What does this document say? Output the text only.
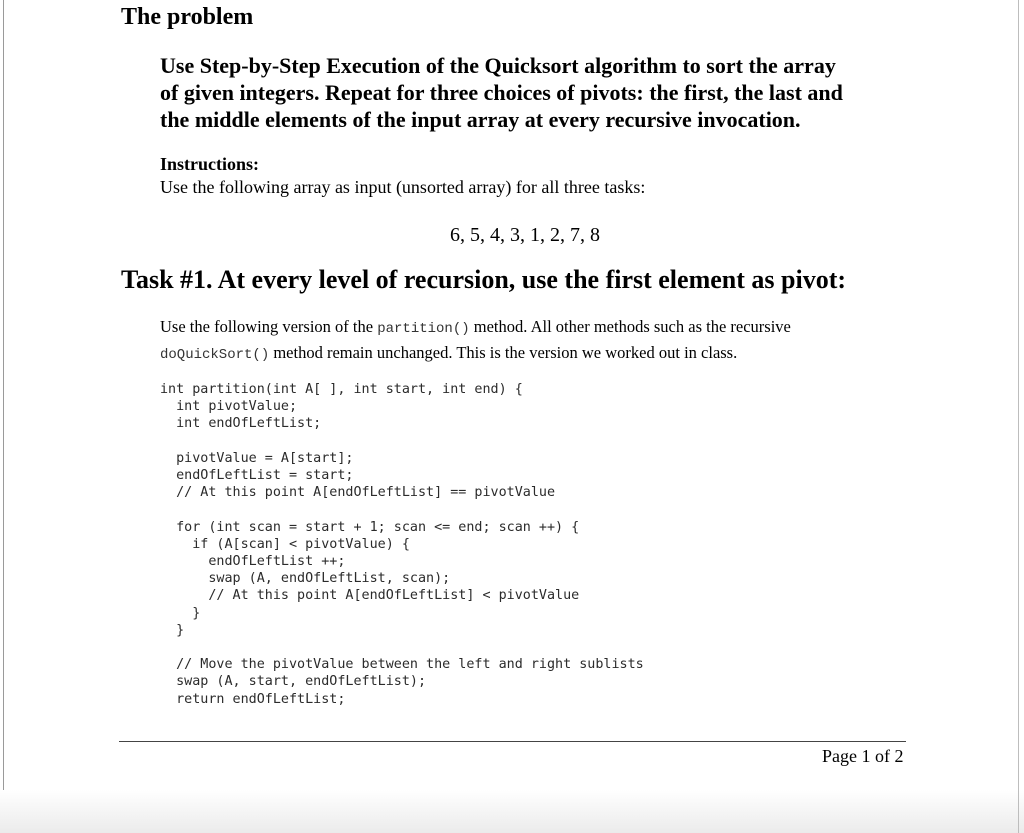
The problem
Use Step-by-Step Execution of the Quicksort algorithm to sort the array
of given integers. Repeat for three choices of pivots: the first, the last and
the middle elements of the input array at every recursive invocation.
Instructions:
Use the following array as input (unsorted array) for all three tasks:
6, 5, 4, 3, 1, 2, 7, 8
Task #1. At every level of recursion, use the first element as pivot:
Use the following version of the partition() method. All other methods such as the recursive
doQuickSort() method remain unchanged. This is the version we worked out in class.
int partition(int A[ ], int start, int end) {
int pivotValue;
int endOfLeftList;

pivotValue = A[start];
endOfLeftList = start;
// At this point A[endOfLeftList] == pivotValue

for (int scan = start + 1; scan <= end; scan ++) {
if (A[scan] < pivotValue) {
endOfLeftList ++;
swap (A, endOfLeftList, scan);
// At this point A[endOfLeftList] < pivotValue
}
}

// Move the pivotValue between the left and right sublists
swap (A, start, endOfLeftList);
return endOfLeftList;
Page 1 of 2
